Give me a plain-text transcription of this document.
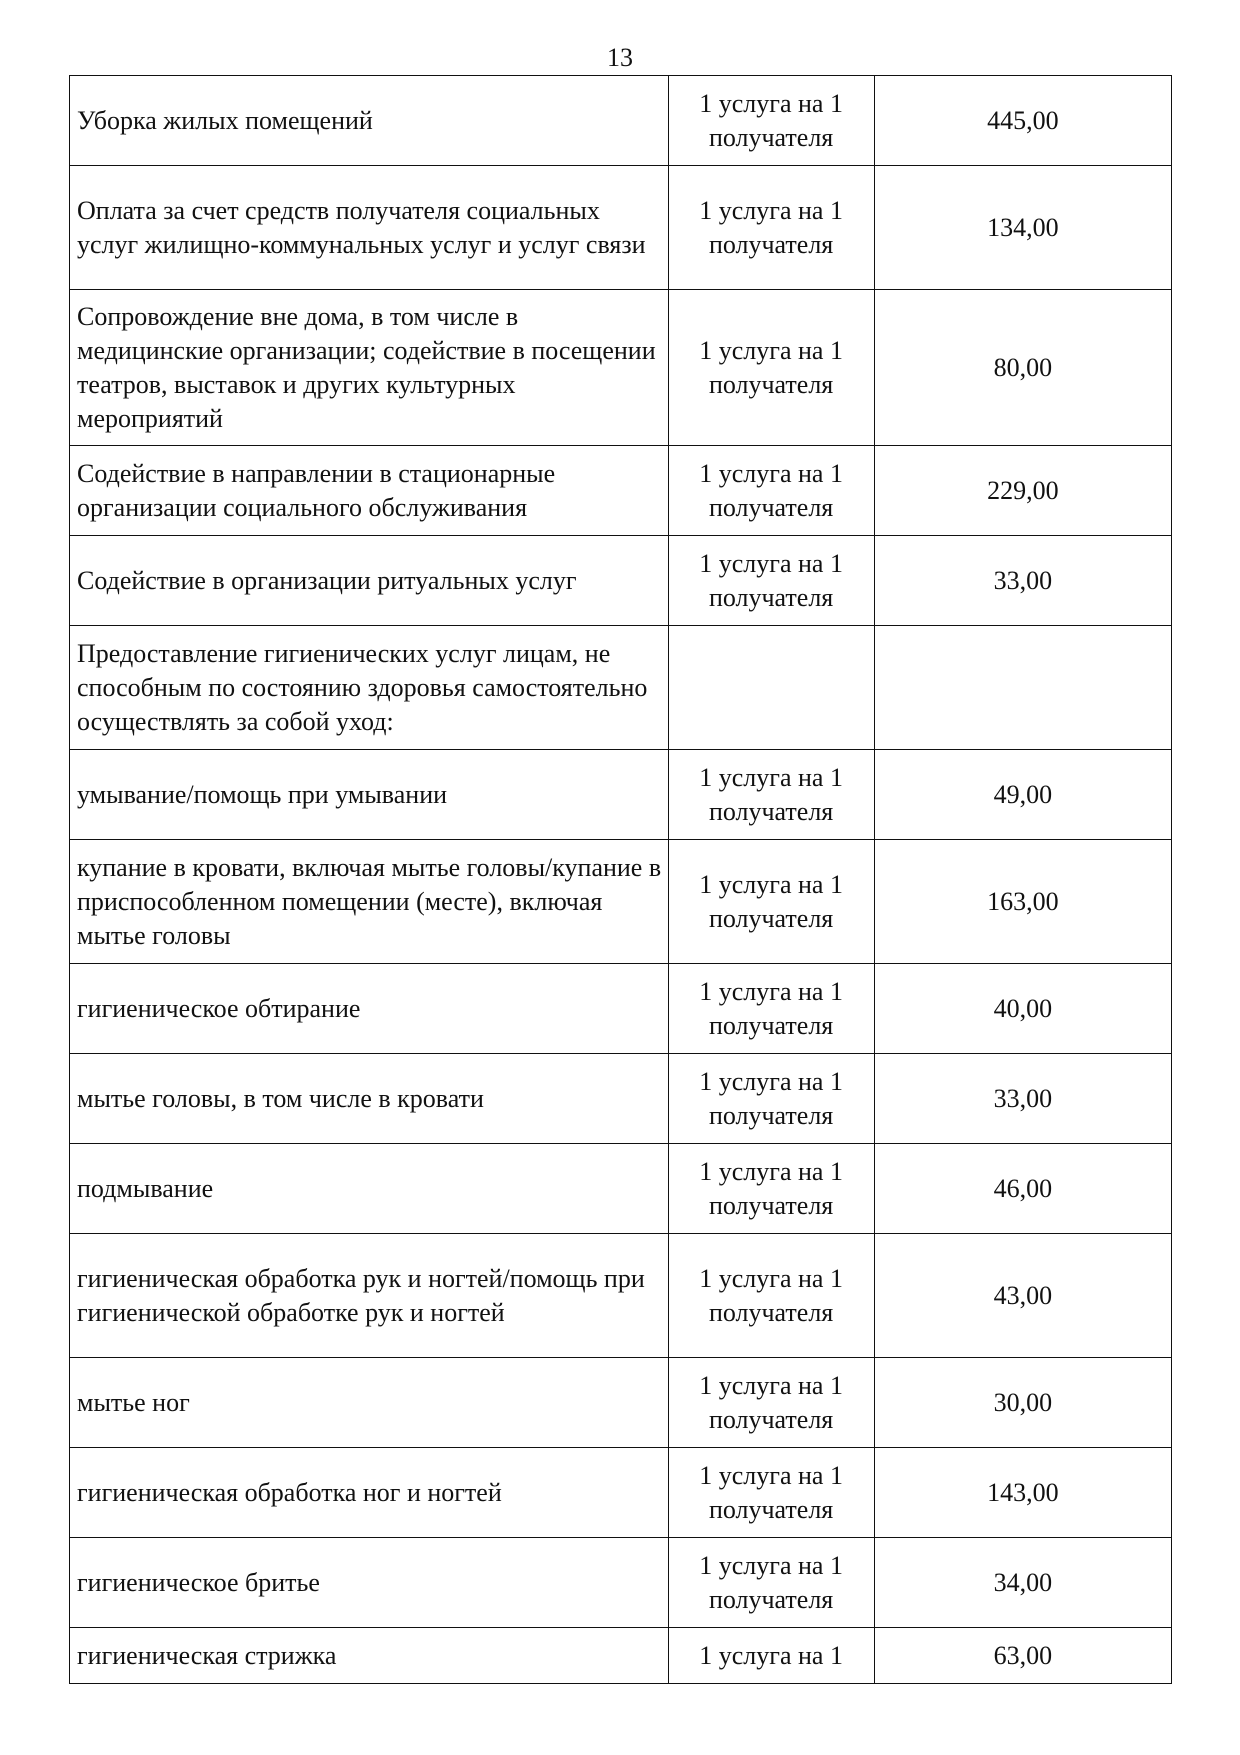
13
Уборка жилых помещений	1 услуга на 1 получателя	445,00
Оплата за счет средств получателя социальных услуг жилищно-коммунальных услуг и услуг связи	1 услуга на 1 получателя	134,00
Сопровождение вне дома, в том числе в медицинские организации; содействие в посещении театров, выставок и других культурных мероприятий	1 услуга на 1 получателя	80,00
Содействие в направлении в стационарные организации социального обслуживания	1 услуга на 1 получателя	229,00
Содействие в организации ритуальных услуг	1 услуга на 1 получателя	33,00
Предоставление гигиенических услуг лицам, не способным по состоянию здоровья самостоятельно осуществлять за собой уход:		
умывание/помощь при умывании	1 услуга на 1 получателя	49,00
купание в кровати, включая мытье головы/купание в приспособленном помещении (месте), включая мытье головы	1 услуга на 1 получателя	163,00
гигиеническое обтирание	1 услуга на 1 получателя	40,00
мытье головы, в том числе в кровати	1 услуга на 1 получателя	33,00
подмывание	1 услуга на 1 получателя	46,00
гигиеническая обработка рук и ногтей/помощь при гигиенической обработке рук и ногтей	1 услуга на 1 получателя	43,00
мытье ног	1 услуга на 1 получателя	30,00
гигиеническая обработка ног и ногтей	1 услуга на 1 получателя	143,00
гигиеническое бритье	1 услуга на 1 получателя	34,00
гигиеническая стрижка	1 услуга на 1	63,00
